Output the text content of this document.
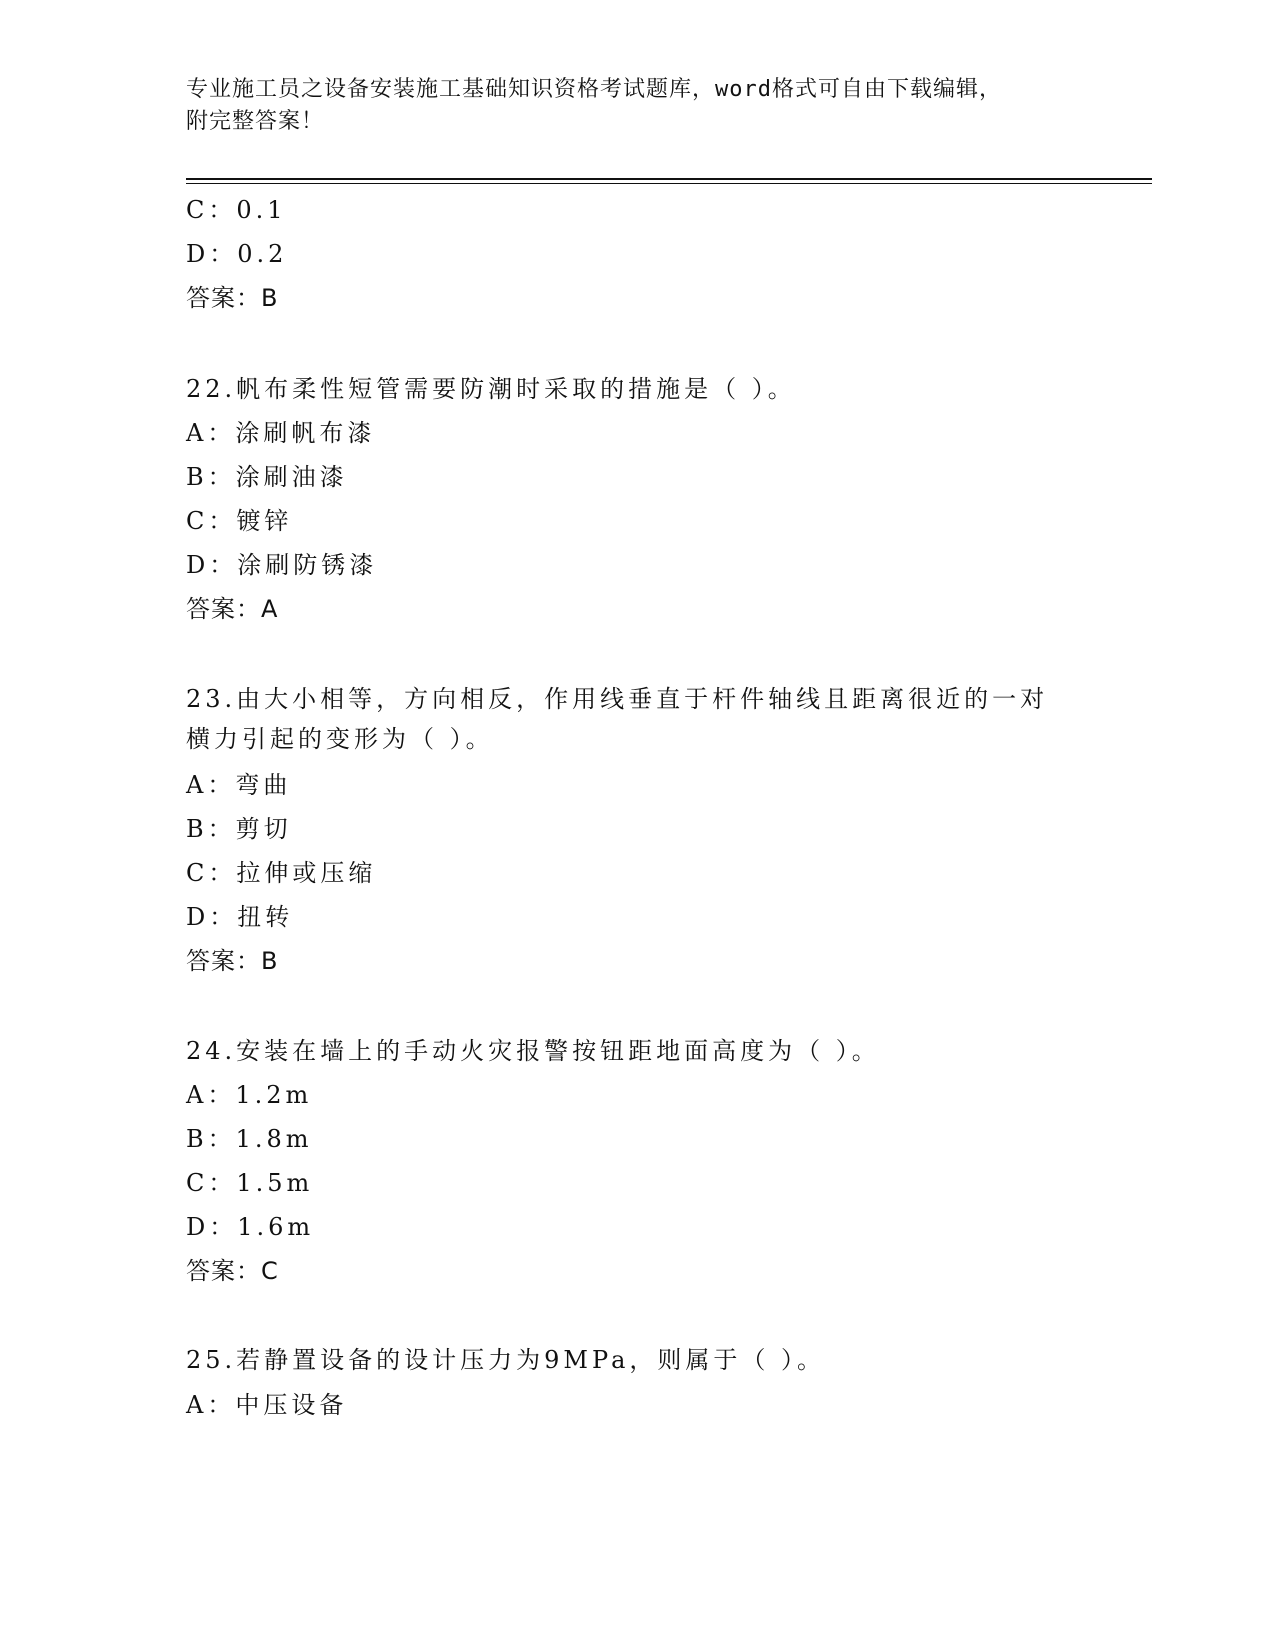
专业施工员之设备安装施工基础知识资格考试题库，word格式可自由下载编辑，
附完整答案！
C：0.1
D：0.2
答案：B
22.帆布柔性短管需要防潮时采取的措施是（ ）。
A：涂刷帆布漆
B：涂刷油漆
C：镀锌
D：涂刷防锈漆
答案：A
23.由大小相等，方向相反，作用线垂直于杆件轴线且距离很近的一对
横力引起的变形为（ ）。
A：弯曲
B：剪切
C：拉伸或压缩
D：扭转
答案：B
24.安装在墙上的手动火灾报警按钮距地面高度为（ ）。
A：1.2m
B：1.8m
C：1.5m
D：1.6m
答案：C
25.若静置设备的设计压力为9MPa，则属于（ ）。
A：中压设备
